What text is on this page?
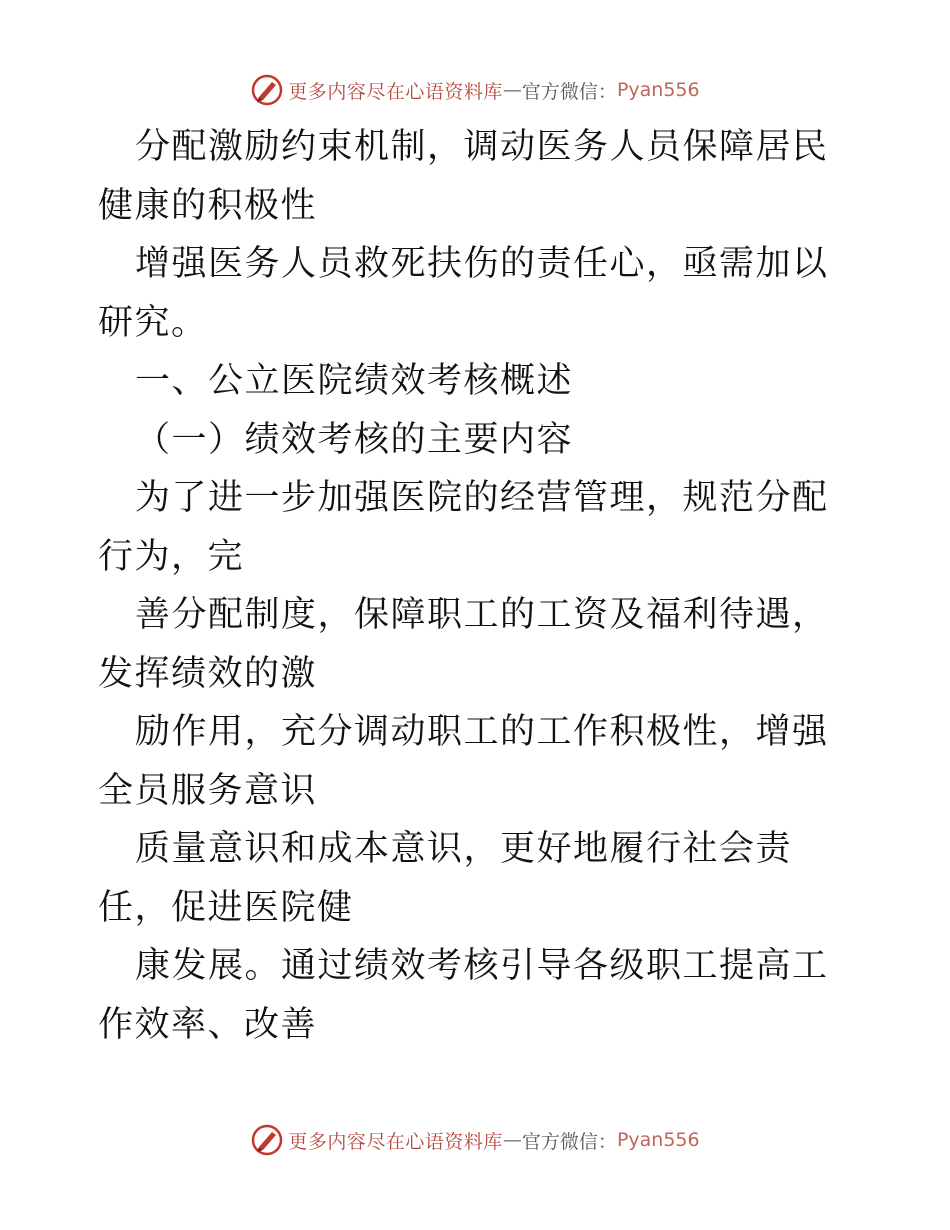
更多内容尽在心语资料库 — 官方微信： Pyan556

分配激励约束机制，调动医务人员保障居民健康的积极性

增强医务人员救死扶伤的责任心，亟需加以研究。

一、公立医院绩效考核概述

（一）绩效考核的主要内容

为了进一步加强医院的经营管理，规范分配行为，完

善分配制度，保障职工的工资及福利待遇，发挥绩效的激

励作用，充分调动职工的工作积极性，增强全员服务意识

质量意识和成本意识，更好地履行社会责任，促进医院健

康发展。通过绩效考核引导各级职工提高工作效率、改善

更多内容尽在心语资料库 — 官方微信： Pyan556
